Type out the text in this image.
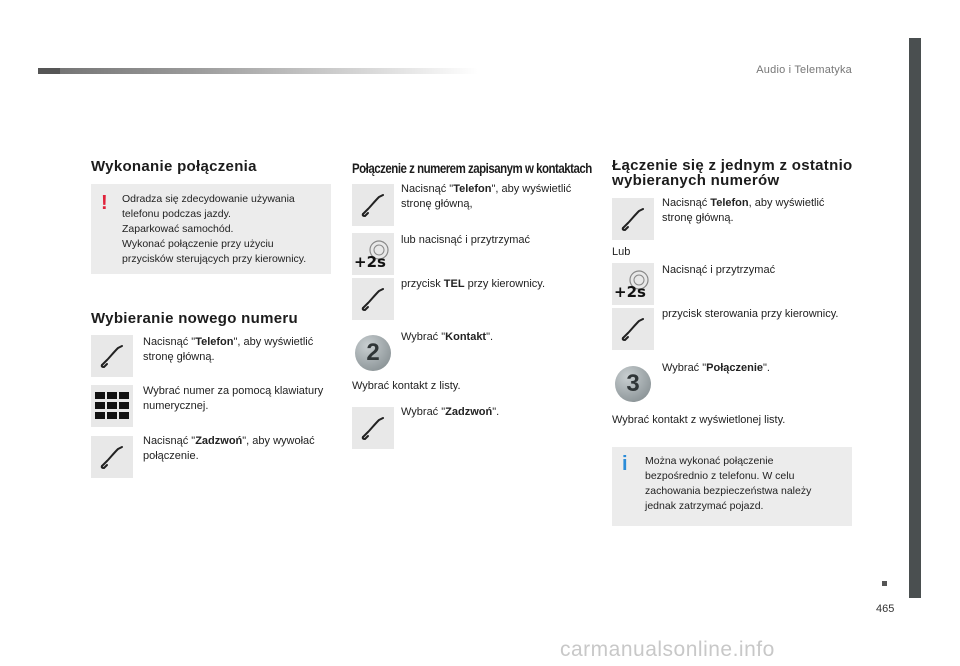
Audio i Telematyka
465
carmanualsonline.info
Wykonanie połączenia
! Odradza się zdecydowanie używania
telefonu podczas jazdy.
Zaparkować samochód.
Wykonać połączenie przy użyciu
przycisków sterujących przy kierownicy.
Wybieranie nowego numeru
Nacisnąć "Telefon", aby wyświetlić
stronę główną.
Wybrać numer za pomocą klawiatury
numerycznej.
Nacisnąć "Zadzwoń", aby wywołać
połączenie.
Połączenie z numerem zapisanym w kontaktach
Nacisnąć "Telefon", aby wyświetlić
stronę główną,
+2s
lub nacisnąć i przytrzymać
przycisk TEL przy kierownicy.
2
Wybrać "Kontakt".
Wybrać kontakt z listy.
Wybrać "Zadzwoń".
Łączenie się z jednym z ostatnio
wybieranych numerów
Nacisnąć Telefon, aby wyświetlić
stronę główną.
Lub
+2s
Nacisnąć i przytrzymać
przycisk sterowania przy kierownicy.
3
Wybrać "Połączenie".
Wybrać kontakt z wyświetlonej listy.
i Można wykonać połączenie
bezpośrednio z telefonu. W celu
zachowania bezpieczeństwa należy
jednak zatrzymać pojazd.
